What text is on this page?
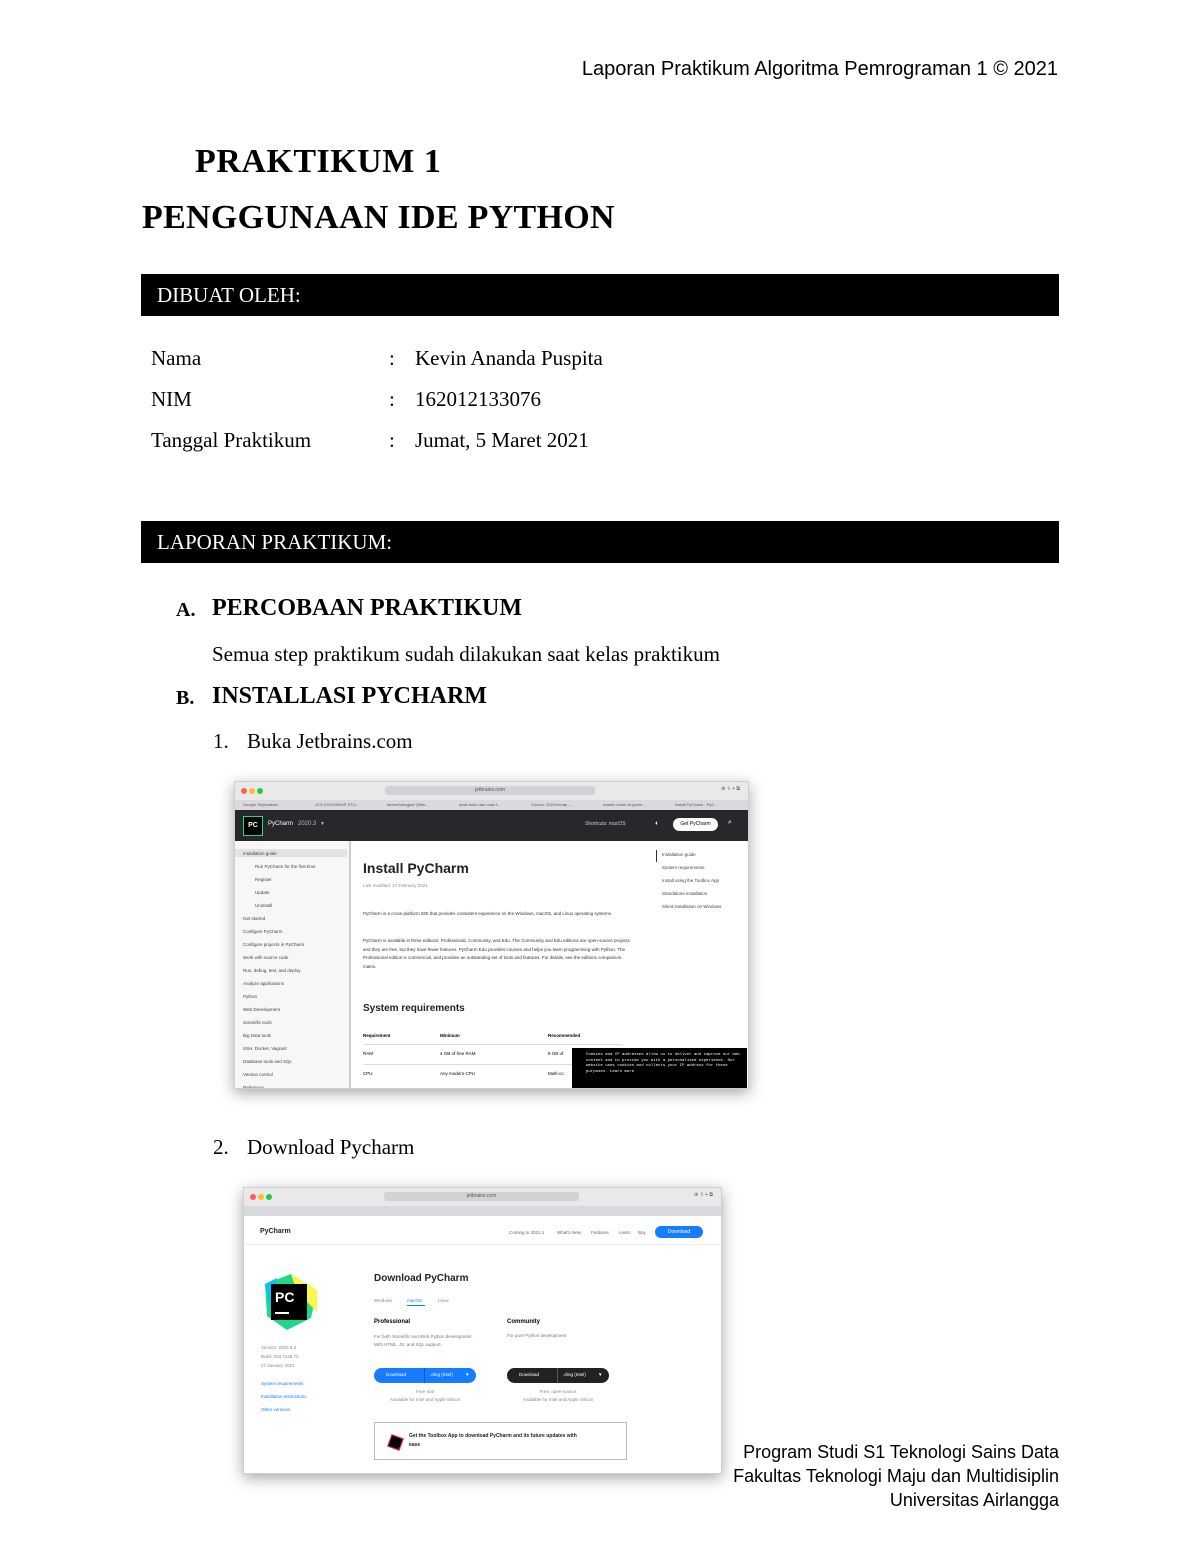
Laporan Praktikum Algoritma Pemrograman 1 © 2021
PRAKTIKUM 1
PENGGUNAAN IDE PYTHON
DIBUAT OLEH:
Nama	: Kevin Ananda Puspita
NIM	: 162012133076
Tanggal Praktikum	: Jumat, 5 Maret 2021
LAPORAN PRAKTIKUM:
A. PERCOBAAN PRAKTIKUM
Semua step praktikum sudah dilakukan saat kelas praktikum
B. INSTALLASI PYCHARM
1. Buka Jetbrains.com
jetbrains.com	⊕ ⇧ + ⧉
Google Terjemahan	JCG EXCHANGE STU...	farmerfoengjam (Mhs...	anak buku dan main t...	Course: 2021Genap -...	master mode di pyche...	Install PyCharm - PyC...
PC	PyCharm 2020.3 ▼	Shortcuts: macOS	◐	Get PyCharm	⌕
Installation guide
Run PyCharm for the first time
Register
Update
Uninstall
Get started
Configure PyCharm
Configure projects in PyCharm
Work with source code
Run, debug, test, and deploy
Analyze applications
Python
Web Development
Scientific tools
Big Data tools
SSH, Docker, Vagrant
Database tools and SQL
Version control
Reference
Install PyCharm
Last modified: 17 February 2021
PyCharm is a cross-platform IDE that provides consistent experience on the Windows, macOS, and Linux operating systems.
PyCharm is available in three editions: Professional, Community, and Edu. The Community and Edu editions are open-source projects and they are free, but they have fewer features. PyCharm Edu provides courses and helps you learn programming with Python. The Professional edition is commercial, and provides an outstanding set of tools and features. For details, see the editions comparison matrix.
System requirements
Requirement	Minimum	Recommended
RAM	4 GB of free RAM	8 GB of
CPU	Any modern CPU	Multi-co
Installation guide
System requirements
Install using the Toolbox App
Standalone installation
Silent installation on Windows
Cookies and IP addresses allow us to deliver and improve our web content and to provide you with a personalized experience. Our website uses cookies and collects your IP address for these purposes. Learn more
2. Download Pycharm
jetbrains.com	⊕ ⇧ + ⧉
PyCharm	Coming in 2021.1	What's New Features Learn Buy	Download
PC
Version: 2020.3.3
Build: 203.7148.72
27 January 2021
System requirements
Installation instructions
Other versions
Download PyCharm
Windows	macOS	Linux
Professional
For both Scientific and Web Python development. With HTML, JS, and SQL support.
Community
For pure Python development
Download	.dmg (Intel)	▼
Free trial
Available for Intel and Apple Silicon
Download	.dmg (Intel)	▼
Free, open-source
Available for Intel and Apple Silicon
Get the Toolbox App to download PyCharm and its future updates with ease	Program Studi S1 Teknologi Sains Data
Fakultas Teknologi Maju dan Multidisiplin
Universitas Airlangga
